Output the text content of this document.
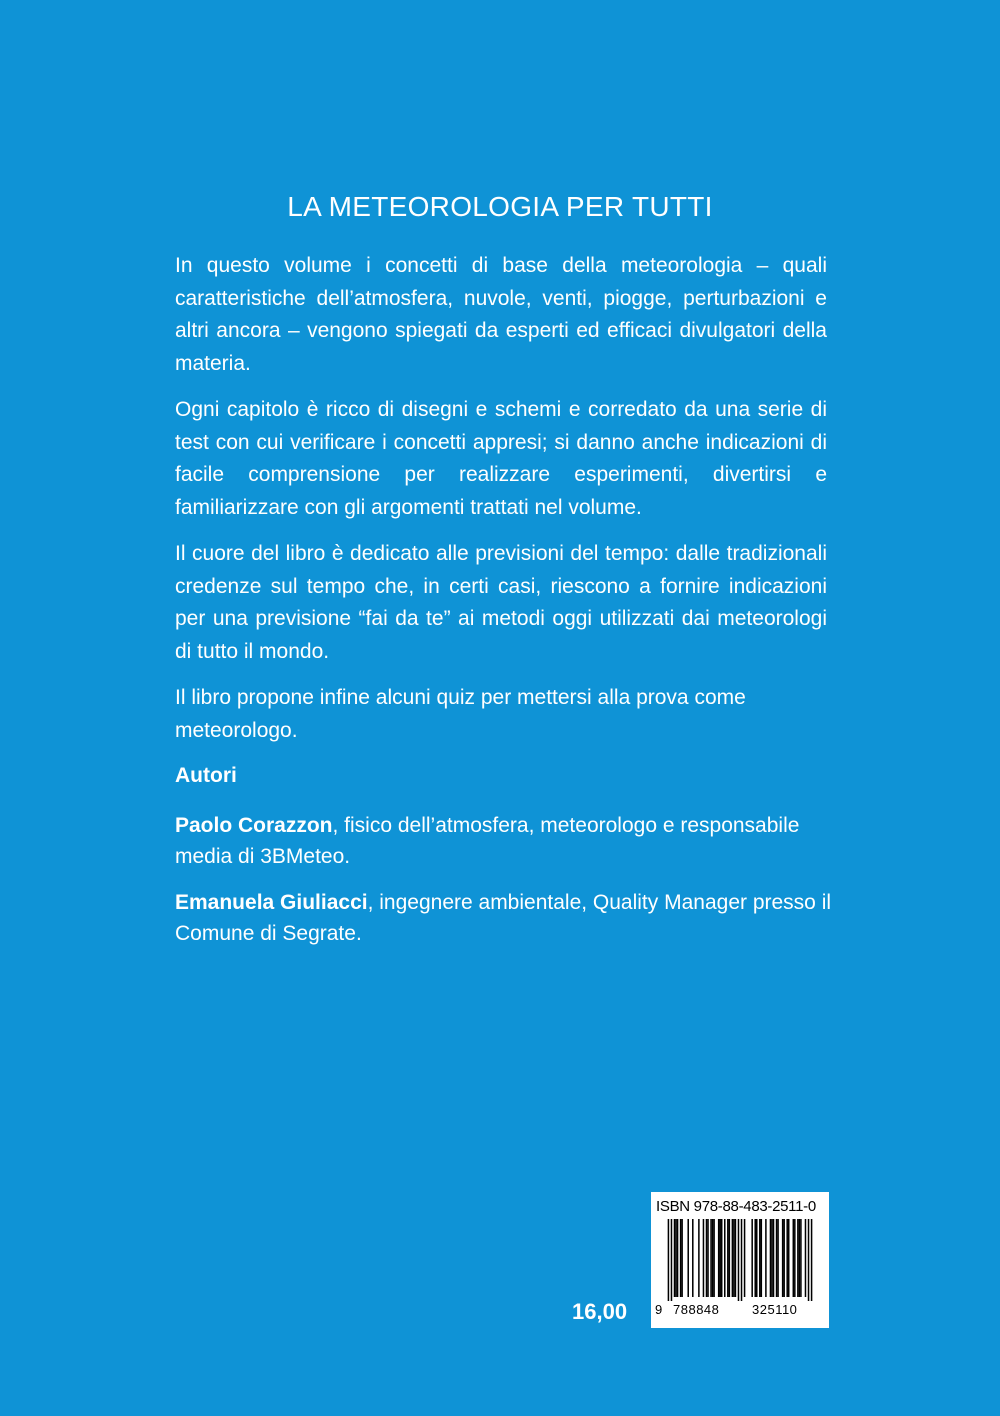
LA METEOROLOGIA PER TUTTI

In questo volume i concetti di base della meteorologia – quali caratteristiche dell’atmosfera, nuvole, venti, piogge, perturbazioni e altri ancora – vengono spiegati da esperti ed efficaci divulgatori della materia.

Ogni capitolo è ricco di disegni e schemi e corredato da una serie di test con cui verificare i concetti appresi; si danno anche indicazioni di facile comprensione per realizzare esperimenti, divertirsi e familiarizzare con gli argomenti trattati nel volume.

Il cuore del libro è dedicato alle previsioni del tempo: dalle tradizionali credenze sul tempo che, in certi casi, riescono a fornire indicazioni per una previsione “fai da te” ai metodi oggi utilizzati dai meteorologi di tutto il mondo.

Il libro propone infine alcuni quiz per mettersi alla prova come meteorologo.

Autori

Paolo Corazzon, fisico dell’atmosfera, meteorologo e responsabile media di 3BMeteo.

Emanuela Giuliacci, ingegnere ambientale, Quality Manager presso il Comune di Segrate.

16,00
ISBN 978-88-483-2511-0
9 788848	325110
